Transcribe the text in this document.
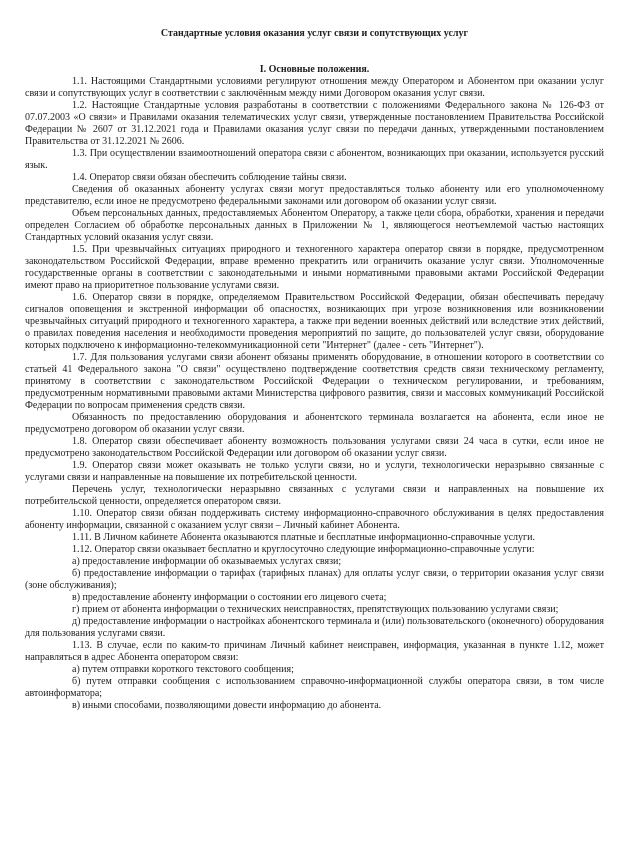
Стандартные условия оказания услуг связи и сопутствующих услуг

I. Основные положения.

1.1. Настоящими Стандартными условиями регулируют отношения между Оператором и Абонентом при оказании услуг связи и сопутствующих услуг в соответствии с заключённым между ними Договором оказания услуг связи.

1.2. Настоящие Стандартные условия разработаны в соответствии с положениями Федерального закона № 126-ФЗ от 07.07.2003 «О связи» и Правилами оказания телематических услуг связи, утвержденные постановлением Правительства Российской Федерации № 2607 от 31.12.2021 года и Правилами оказания услуг связи по передачи данных, утвержденными постановлением Правительства от 31.12.2021 № 2606.

1.3. При осуществлении взаимоотношений оператора связи с абонентом, возникающих при оказании, используется русский язык.

1.4. Оператор связи обязан обеспечить соблюдение тайны связи.

Сведения об оказанных абоненту услугах связи могут предоставляться только абоненту или его уполномоченному представителю, если иное не предусмотрено федеральными законами или договором об оказании услуг связи.

Объем персональных данных, предоставляемых Абонентом Оператору, а также цели сбора, обработки, хранения и передачи определен Согласием об обработке персональных данных в Приложении № 1, являющегося неотъемлемой частью настоящих Стандартных условий оказания услуг связи.

1.5. При чрезвычайных ситуациях природного и техногенного характера оператор связи в порядке, предусмотренном законодательством Российской Федерации, вправе временно прекратить или ограничить оказание услуг связи. Уполномоченные государственные органы в соответствии с законодательными и иными нормативными правовыми актами Российской Федерации имеют право на приоритетное пользование услугами связи.

1.6. Оператор связи в порядке, определяемом Правительством Российской Федерации, обязан обеспечивать передачу сигналов оповещения и экстренной информации об опасностях, возникающих при угрозе возникновения или возникновении чрезвычайных ситуаций природного и техногенного характера, а также при ведении военных действий или вследствие этих действий, о правилах поведения населения и необходимости проведения мероприятий по защите, до пользователей услуг связи, оборудование которых подключено к информационно-телекоммуникационной сети "Интернет" (далее - сеть "Интернет").

1.7. Для пользования услугами связи абонент обязаны применять оборудование, в отношении которого в соответствии со статьей 41 Федерального закона "О связи" осуществлено подтверждение соответствия средств связи техническому регламенту, принятому в соответствии с законодательством Российской Федерации о техническом регулировании, и требованиям, предусмотренным нормативными правовыми актами Министерства цифрового развития, связи и массовых коммуникаций Российской Федерации по вопросам применения средств связи.

Обязанность по предоставлению оборудования и абонентского терминала возлагается на абонента, если иное не предусмотрено договором об оказании услуг связи.

1.8. Оператор связи обеспечивает абоненту возможность пользования услугами связи 24 часа в сутки, если иное не предусмотрено законодательством Российской Федерации или договором об оказании услуг связи.

1.9. Оператор связи может оказывать не только услуги связи, но и услуги, технологически неразрывно связанные с услугами связи и направленные на повышение их потребительской ценности.

Перечень услуг, технологически неразрывно связанных с услугами связи и направленных на повышение их потребительской ценности, определяется оператором связи.

1.10. Оператор связи обязан поддерживать систему информационно-справочного обслуживания в целях предоставления абоненту информации, связанной с оказанием услуг связи – Личный кабинет Абонента.

1.11. В Личном кабинете Абонента оказываются платные и бесплатные информационно-справочные услуги.

1.12. Оператор связи оказывает бесплатно и круглосуточно следующие информационно-справочные услуги:

а) предоставление информации об оказываемых услугах связи;

б) предоставление информации о тарифах (тарифных планах) для оплаты услуг связи, о территории оказания услуг связи (зоне обслуживания);

в) предоставление абоненту информации о состоянии его лицевого счета;

г) прием от абонента информации о технических неисправностях, препятствующих пользованию услугами связи;

д) предоставление информации о настройках абонентского терминала и (или) пользовательского (оконечного) оборудования для пользования услугами связи.

1.13. В случае, если по каким-то причинам Личный кабинет неисправен, информация, указанная в пункте 1.12, может направляться в адрес Абонента оператором связи:

а) путем отправки короткого текстового сообщения;

б) путем отправки сообщения с использованием справочно-информационной службы оператора связи, в том числе автоинформатора;

в) иными способами, позволяющими довести информацию до абонента.
